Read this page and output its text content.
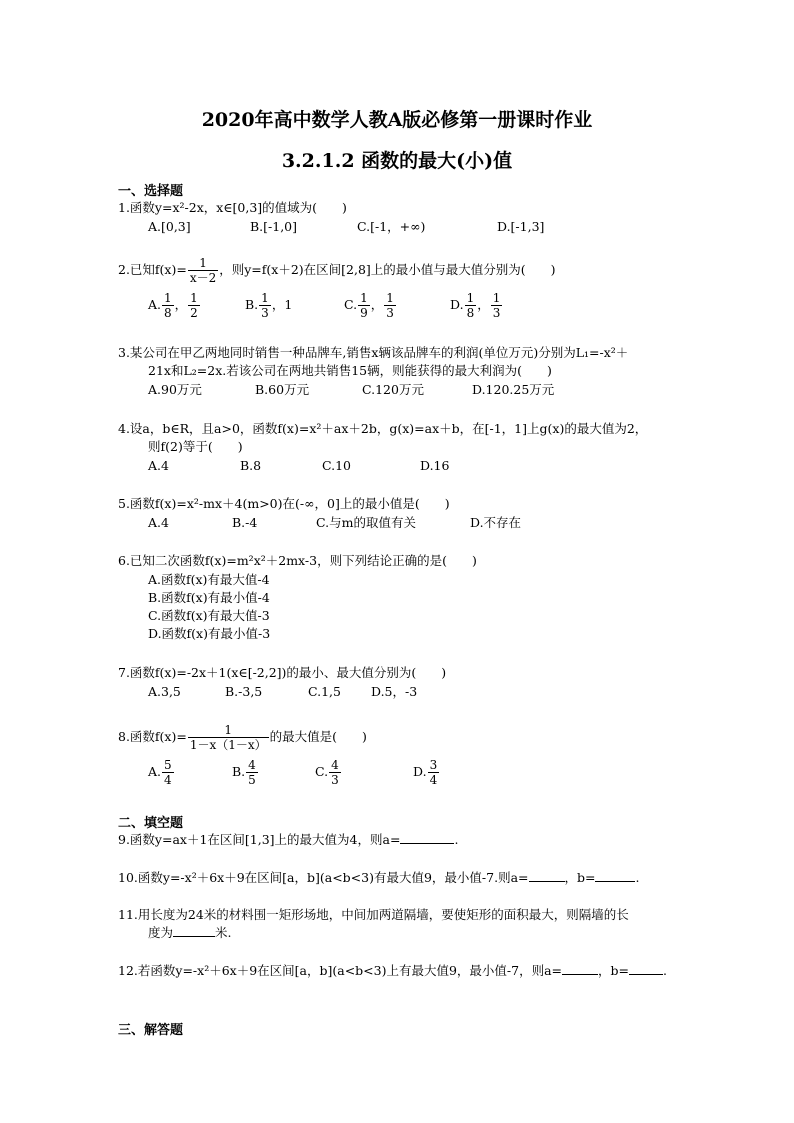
2020年高中数学人教A版必修第一册课时作业
3.2.1.2 函数的最大(小)值
一、选择题
1.函数y=x²-2x，x∈[0,3]的值域为(　　)
A.[0,3]	B.[-1,0]	C.[-1，+∞)	D.[-1,3]
2.已知$f(x)= \frac{1}{x-2}$ ，则y=f(x＋2)在区间[2,8]上的最小值与最大值分别为(　　)
A. $\frac{1}{8}$ ， $\frac{1}{2}$	B. $\frac{1}{3}$ ，1	C. $\frac{1}{9}$ ， $\frac{1}{3}$	D. $\frac{1}{8}$ ， $\frac{1}{3}$
3.某公司在甲乙两地同时销售一种品牌车,销售x辆该品牌车的利润(单位万元)分别为L₁=-x²＋
21x和L₂=2x.若该公司在两地共销售15辆，则能获得的最大利润为(　　)
A.90万元	B.60万元	C.120万元	D.120.25万元
4.设a，b∈R，且a>0，函数f(x)=x²＋ax＋2b，g(x)=ax＋b，在[-1，1]上g(x)的最大值为2，
则f(2)等于(　　)
A.4	B.8	C.10	D.16
5.函数f(x)=x²-mx＋4(m>0)在(-∞，0]上的最小值是(　　)
A.4	B.-4	C.与m的取值有关	D.不存在
6.已知二次函数f(x)=m²x²＋2mx-3，则下列结论正确的是(　　)
A.函数f(x)有最大值-4
B.函数f(x)有最小值-4
C.函数f(x)有最大值-3
D.函数f(x)有最小值-3
7.函数f(x)=-2x＋1(x∈[-2,2])的最小、最大值分别为(　　)
A.3,5	B.-3,5	C.1,5 D.5，-3
8.函数$f(x)= \frac{1}{1-x(1-x)}$ 的最大值是(　　)
A. $\frac{5}{4}$	B. $\frac{4}{5}$	C. $\frac{4}{3}$	D. $\frac{3}{4}$
二、填空题
9.函数y=ax＋1在区间[1,3]上的最大值为4，则a=	.
10.函数y=-x²＋6x＋9在区间[a，b](a<b<3)有最大值9，最小值-7.则a=	，b=	.
11.用长度为24米的材料围一矩形场地，中间加两道隔墙，要使矩形的面积最大，则隔墙的长
度为	米.
12.若函数y=-x²＋6x＋9在区间[a，b](a<b<3)上有最大值9，最小值-7，则a=	，b=	.
三、解答题
